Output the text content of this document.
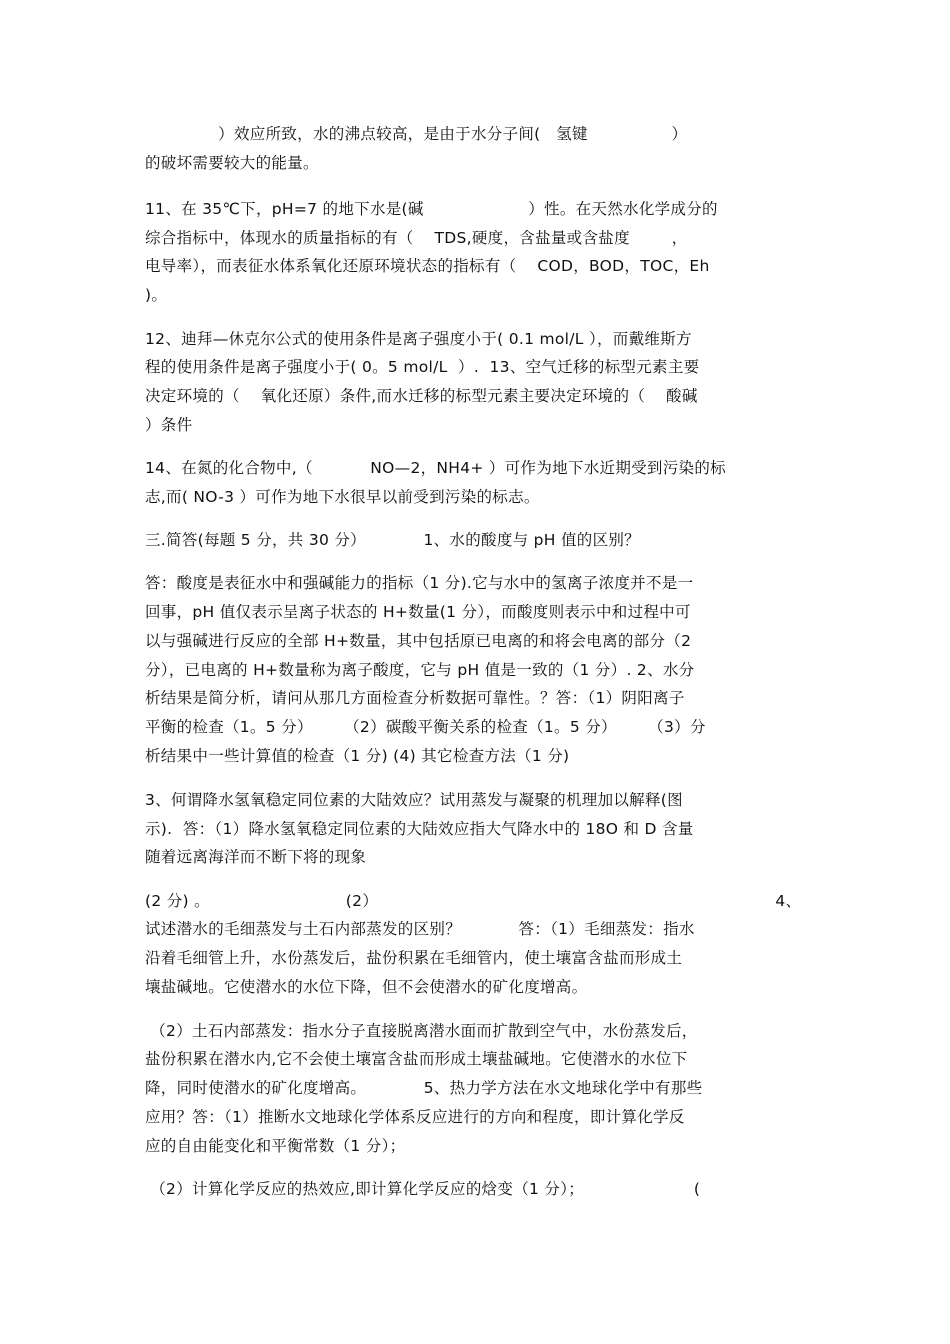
）效应所致，水的沸点较高，是由于水分子间(   氢键                ）
的破坏需要较大的能量。
11、在 35℃下，pH=7 的地下水是(碱                    ）性。在天然水化学成分的
综合指标中，体现水的质量指标的有（    TDS,硬度，含盐量或含盐度        ，
电导率），而表征水体系氧化还原环境状态的指标有（    COD，BOD，TOC，Eh
)。
12、迪拜—休克尔公式的使用条件是离子强度小于( 0.1 mol/L ），而戴维斯方
程的使用条件是离子强度小于( 0。5 mol/L  ）.  13、空气迁移的标型元素主要
决定环境的（    氧化还原）条件,而水迁移的标型元素主要决定环境的（    酸碱
）条件
14、在氮的化合物中,（           NO—2，NH4+ ）可作为地下水近期受到污染的标
志,而( NO-3 ）可作为地下水很早以前受到污染的标志。
三.简答(每题 5 分，共 30 分）           1、水的酸度与 pH 值的区别？
答：酸度是表征水中和强碱能力的指标（1 分).它与水中的氢离子浓度并不是一
回事，pH 值仅表示呈离子状态的 H+数量(1 分），而酸度则表示中和过程中可
以与强碱进行反应的全部 H+数量，其中包括原已电离的和将会电离的部分（2
分），已电离的 H+数量称为离子酸度，它与 pH 值是一致的（1 分）. 2、水分
析结果是简分析，请问从那几方面检查分析数据可靠性。？答：（1）阴阳离子
平衡的检查（1。5 分）      （2）碳酸平衡关系的检查（1。5 分）      （3）分
析结果中一些计算值的检查（1 分) (4) 其它检查方法（1 分)
3、何谓降水氢氧稳定同位素的大陆效应？试用蒸发与凝聚的机理加以解释(图
示).  答：（1）降水氢氧稳定同位素的大陆效应指大气降水中的 18O 和 D 含量
随着远离海洋而不断下将的现象
(2 分) 。                          (2）                                                                            4、
试述潜水的毛细蒸发与土石内部蒸发的区别？           答：（1）毛细蒸发：指水
沿着毛细管上升，水份蒸发后，盐份积累在毛细管内，使土壤富含盐而形成土
壤盐碱地。它使潜水的水位下降，但不会使潜水的矿化度增高。
（2）土石内部蒸发：指水分子直接脱离潜水面而扩散到空气中，水份蒸发后，
盐份积累在潜水内,它不会使土壤富含盐而形成土壤盐碱地。它使潜水的水位下
降，同时使潜水的矿化度增高。           5、热力学方法在水文地球化学中有那些
应用？答：（1）推断水文地球化学体系反应进行的方向和程度，即计算化学反
应的自由能变化和平衡常数（1 分）；
（2）计算化学反应的热效应,即计算化学反应的焓变（1 分）；                     (
